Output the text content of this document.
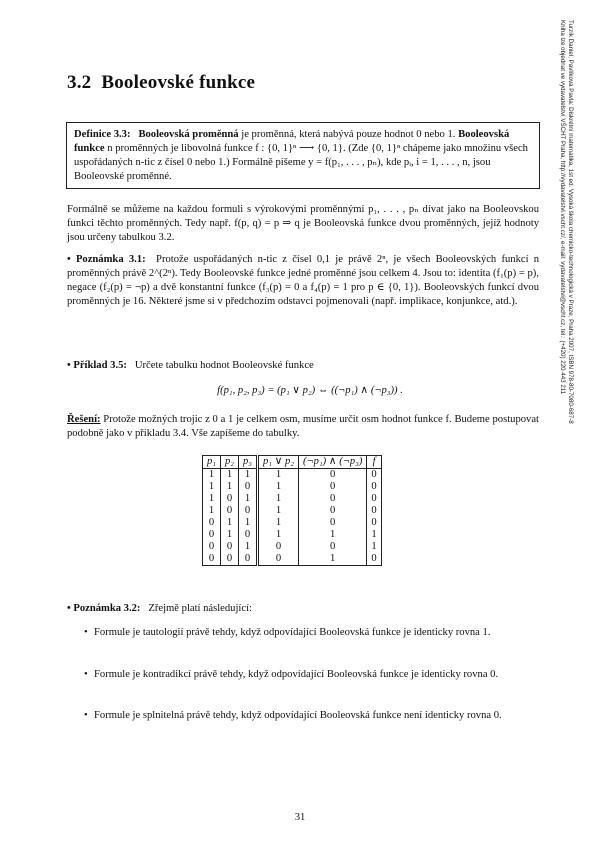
3.2 Booleovské funkce
Definice 3.3: Booleovská proměnná je proměnná, která nabývá pouze hodnot 0 nebo 1. Booleovská funkce n proměnných je libovolná funkce f : {0, 1}ⁿ ⟶ {0, 1}. (Zde {0, 1}ⁿ chápeme jako množinu všech uspořádaných n-tic z čísel 0 nebo 1.) Formálně píšeme y = f(p₁, . . . , pₙ), kde pᵢ, i = 1, . . . , n, jsou Booleovské proměnné.

Formálně se můžeme na každou formuli s výrokovými proměnnými p₁, . . . , pₙ dívat jako na Booleovskou funkci těchto proměnných. Tedy např. f(p, q) = p ⇒ q je Booleovská funkce dvou proměnných, jejíž hodnoty jsou určeny tabulkou 3.2.

• Poznámka 3.1: Protože uspořádaných n-tic z čísel 0,1 je právě 2ⁿ, je všech Booleovských funkcí n proměnných právě 2^(2ⁿ). Tedy Booleovské funkce jedné proměnné jsou celkem 4. Jsou to: identita (f₁(p) = p), negace (f₂(p) = ¬p) a dvě konstantní funkce (f₃(p) = 0 a f₄(p) = 1 pro p ∈ {0, 1}). Booleovských funkcí dvou proměnných je 16. Některé jsme si v předchozím odstavci pojmenovali (např. implikace, konjunkce, atd.).

• Příklad 3.5: Určete tabulku hodnot Booleovské funkce

f(p₁, p₂, p₃) = (p₁ ∨ p₂) ⇔ ((¬p₁) ∧ (¬p₃)) .

Řešení: Protože možných trojic z 0 a 1 je celkem osm, musíme určit osm hodnot funkce f. Budeme postupovat podobně jako v příkladu 3.4. Vše zapíšeme do tabulky.

p₁	p₂	p₃	p₁ ∨ p₂	(¬p₁) ∧ (¬p₃)	f
1	1	1	1	0	0
1	1	0	1	0	0
1	0	1	1	0	0
1	0	0	1	0	0
0	1	1	1	0	0
0	1	0	1	1	1
0	0	1	0	0	1
0	0	0	0	1	0

• Poznámka 3.2: Zřejmě platí následující:

• Formule je tautologií právě tehdy, když odpovídající Booleovská funkce je identicky rovna 1.

• Formule je kontradikcí právě tehdy, když odpovídající Booleovská funkce je identicky rovna 0.

• Formule je splnitelná právě tehdy, když odpovídající Booleovská funkce není identicky rovna 0.

31
Turzík Daniel, Pavlíková Pavla: Diskrétní matematika, 1st ed. Vysoká škola chemicko-technologická v Praze, Praha 2007, ISBN 978-80-7080-687-8
Kniha lze objednat ve vydavatelství VŠCHT Praha, http://vydavatelstvi.vscht.cz/, e-mail: vydavatelstvi@vscht.cz, tel.: (+420) 220 443 211
